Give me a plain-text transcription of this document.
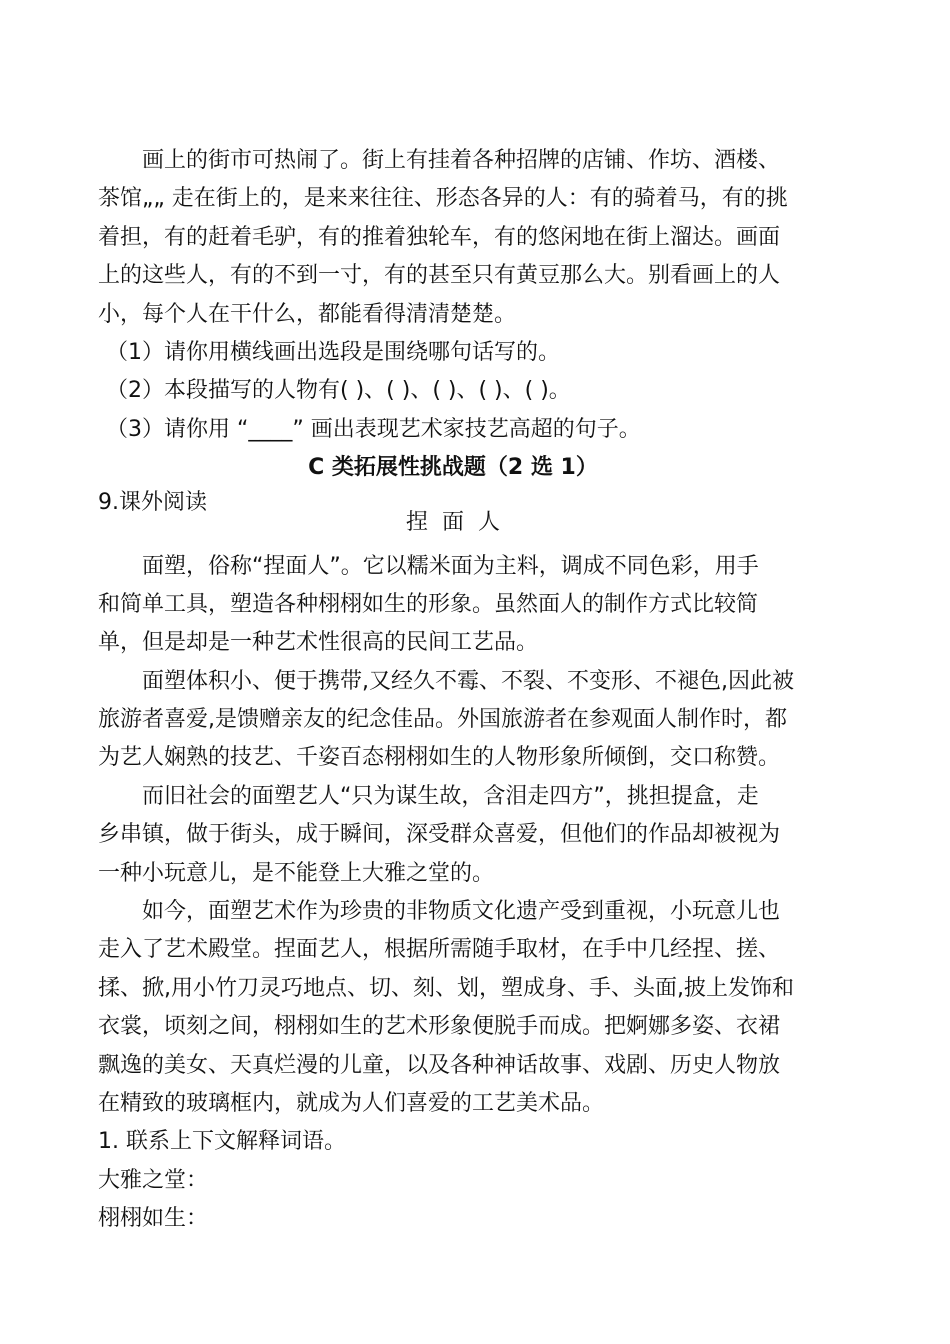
画上的街市可热闹了。街上有挂着各种招牌的店铺、作坊、酒楼、
茶馆„„ 走在街上的，是来来往往、形态各异的人：有的骑着马，有的挑
着担，有的赶着毛驴，有的推着独轮车，有的悠闲地在街上溜达。画面
上的这些人，有的不到一寸，有的甚至只有黄豆那么大。别看画上的人
小，每个人在干什么，都能看得清清楚楚。
（1）请你用横线画出选段是围绕哪句话写的。
（2）本段描写的人物有( )、( )、( )、( )、( )。
（3）请你用 “____” 画出表现艺术家技艺高超的句子。
C 类拓展性挑战题（2 选 1）
9.课外阅读
捏面人
面塑，俗称“捏面人”。它以糯米面为主料，调成不同色彩，用手
和简单工具，塑造各种栩栩如生的形象。虽然面人的制作方式比较简
单，但是却是一种艺术性很高的民间工艺品。
面塑体积小、便于携带,又经久不霉、不裂、不变形、不褪色,因此被
旅游者喜爱,是馈赠亲友的纪念佳品。外国旅游者在参观面人制作时，都
为艺人娴熟的技艺、千姿百态栩栩如生的人物形象所倾倒，交口称赞。
而旧社会的面塑艺人“只为谋生故，含泪走四方”，挑担提盒，走
乡串镇，做于街头，成于瞬间，深受群众喜爱，但他们的作品却被视为
一种小玩意儿，是不能登上大雅之堂的。
如今，面塑艺术作为珍贵的非物质文化遗产受到重视，小玩意儿也
走入了艺术殿堂。捏面艺人，根据所需随手取材，在手中几经捏、搓、
揉、掀,用小竹刀灵巧地点、切、刻、划，塑成身、手、头面,披上发饰和
衣裳，顷刻之间，栩栩如生的艺术形象便脱手而成。把婀娜多姿、衣裙
飘逸的美女、天真烂漫的儿童，以及各种神话故事、戏剧、历史人物放
在精致的玻璃框内，就成为人们喜爱的工艺美术品。
1. 联系上下文解释词语。
大雅之堂：
栩栩如生：
